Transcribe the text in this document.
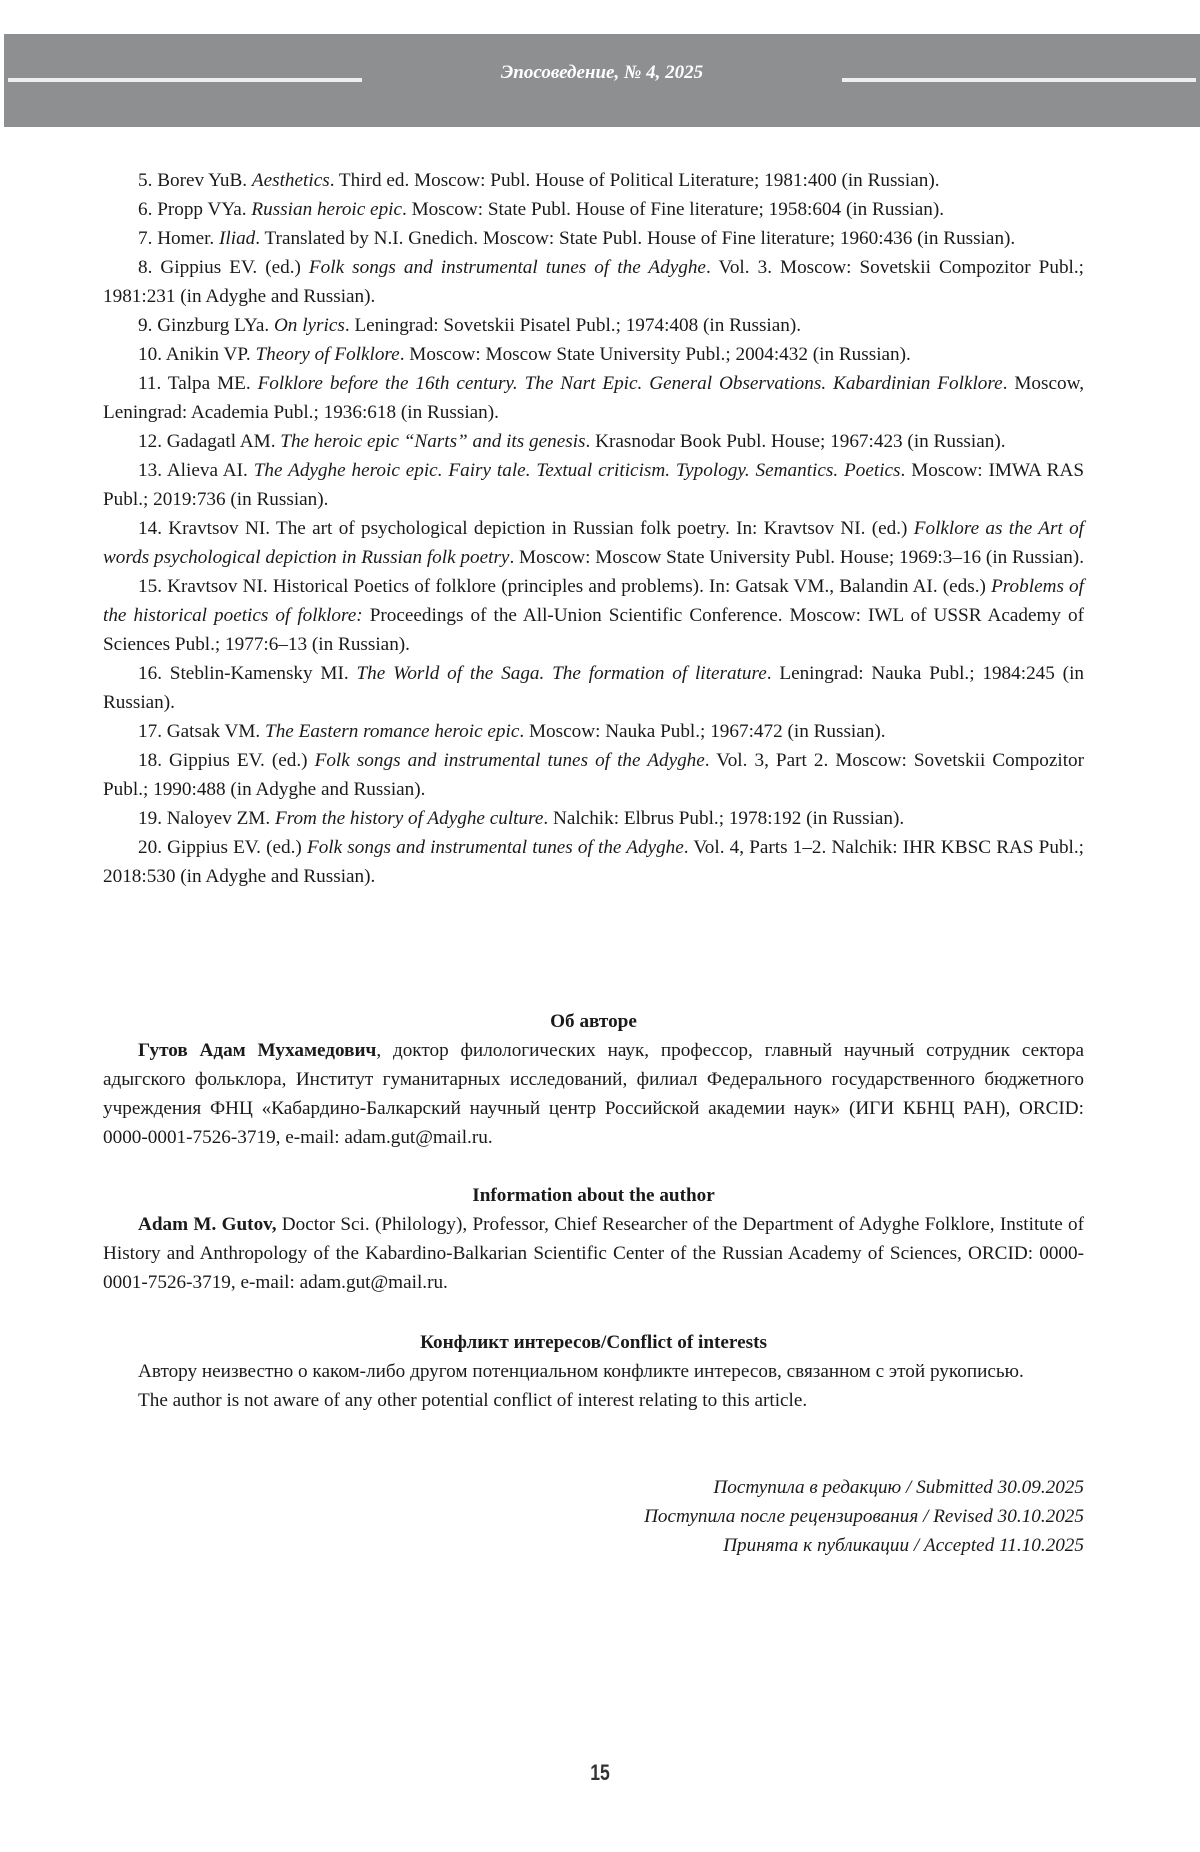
Эпосоведение, № 4, 2025

5. Borev YuB. Aesthetics. Third ed. Moscow: Publ. House of Political Literature; 1981:400 (in Russian).

6. Propp VYa. Russian heroic epic. Moscow: State Publ. House of Fine literature; 1958:604 (in Russian).

7. Homer. Iliad. Translated by N.I. Gnedich. Moscow: State Publ. House of Fine literature; 1960:436 (in Russian).

8. Gippius EV. (ed.) Folk songs and instrumental tunes of the Adyghe. Vol. 3. Moscow: Sovetskii Compozitor Publ.; 1981:231 (in Adyghe and Russian).

9. Ginzburg LYa. On lyrics. Leningrad: Sovetskii Pisatel Publ.; 1974:408 (in Russian).

10. Anikin VP. Theory of Folklore. Moscow: Moscow State University Publ.; 2004:432 (in Russian).

11. Talpa ME. Folklore before the 16th century. The Nart Epic. General Observations. Kabardinian Folklore. Moscow, Leningrad: Academia Publ.; 1936:618 (in Russian).

12. Gadagatl AM. The heroic epic “Narts” and its genesis. Krasnodar Book Publ. House; 1967:423 (in Russian).

13. Alieva AI. The Adyghe heroic epic. Fairy tale. Textual criticism. Typology. Semantics. Poetics. Moscow: IMWA RAS Publ.; 2019:736 (in Russian).

14. Kravtsov NI. The art of psychological depiction in Russian folk poetry. In: Kravtsov NI. (ed.) Folklore as the Art of words psychological depiction in Russian folk poetry. Moscow: Moscow State University Publ. House; 1969:3–16 (in Russian).

15. Kravtsov NI. Historical Poetics of folklore (principles and problems). In: Gatsak VM., Balandin AI. (eds.) Problems of the historical poetics of folklore: Proceedings of the All-Union Scientific Conference. Moscow: IWL of USSR Academy of Sciences Publ.; 1977:6–13 (in Russian).

16. Steblin-Kamensky MI. The World of the Saga. The formation of literature. Leningrad: Nauka Publ.; 1984:245 (in Russian).

17. Gatsak VM. The Eastern romance heroic epic. Moscow: Nauka Publ.; 1967:472 (in Russian).

18. Gippius EV. (ed.) Folk songs and instrumental tunes of the Adyghe. Vol. 3, Part 2. Moscow: Sovetskii Compozitor Publ.; 1990:488 (in Adyghe and Russian).

19. Naloyev ZM. From the history of Adyghe culture. Nalchik: Elbrus Publ.; 1978:192 (in Russian).

20. Gippius EV. (ed.) Folk songs and instrumental tunes of the Adyghe. Vol. 4, Parts 1–2. Nalchik: IHR KBSC RAS Publ.; 2018:530 (in Adyghe and Russian).

Об авторе

Гутов Адам Мухамедович, доктор филологических наук, профессор, главный научный сотрудник сектора адыгского фольклора, Институт гуманитарных исследований, филиал Федерального государственного бюджетного учреждения ФНЦ «Кабардино-Балкарский научный центр Российской академии наук» (ИГИ КБНЦ РАН), ORCID: 0000-0001-7526-3719, e-mail: adam.gut@mail.ru.

Information about the author

Adam M. Gutov, Doctor Sci. (Philology), Professor, Chief Researcher of the Department of Adyghe Folklore, Institute of History and Anthropology of the Kabardino-Balkarian Scientific Center of the Russian Academy of Sciences, ORCID: 0000-0001-7526-3719, e-mail: adam.gut@mail.ru.

Конфликт интересов/Conflict of interests

Автору неизвестно о каком-либо другом потенциальном конфликте интересов, связанном с этой рукописью.

The author is not aware of any other potential conflict of interest relating to this article.

Поступила в редакцию / Submitted 30.09.2025
Поступила после рецензирования / Revised 30.10.2025
Принята к публикации / Accepted 11.10.2025
15
